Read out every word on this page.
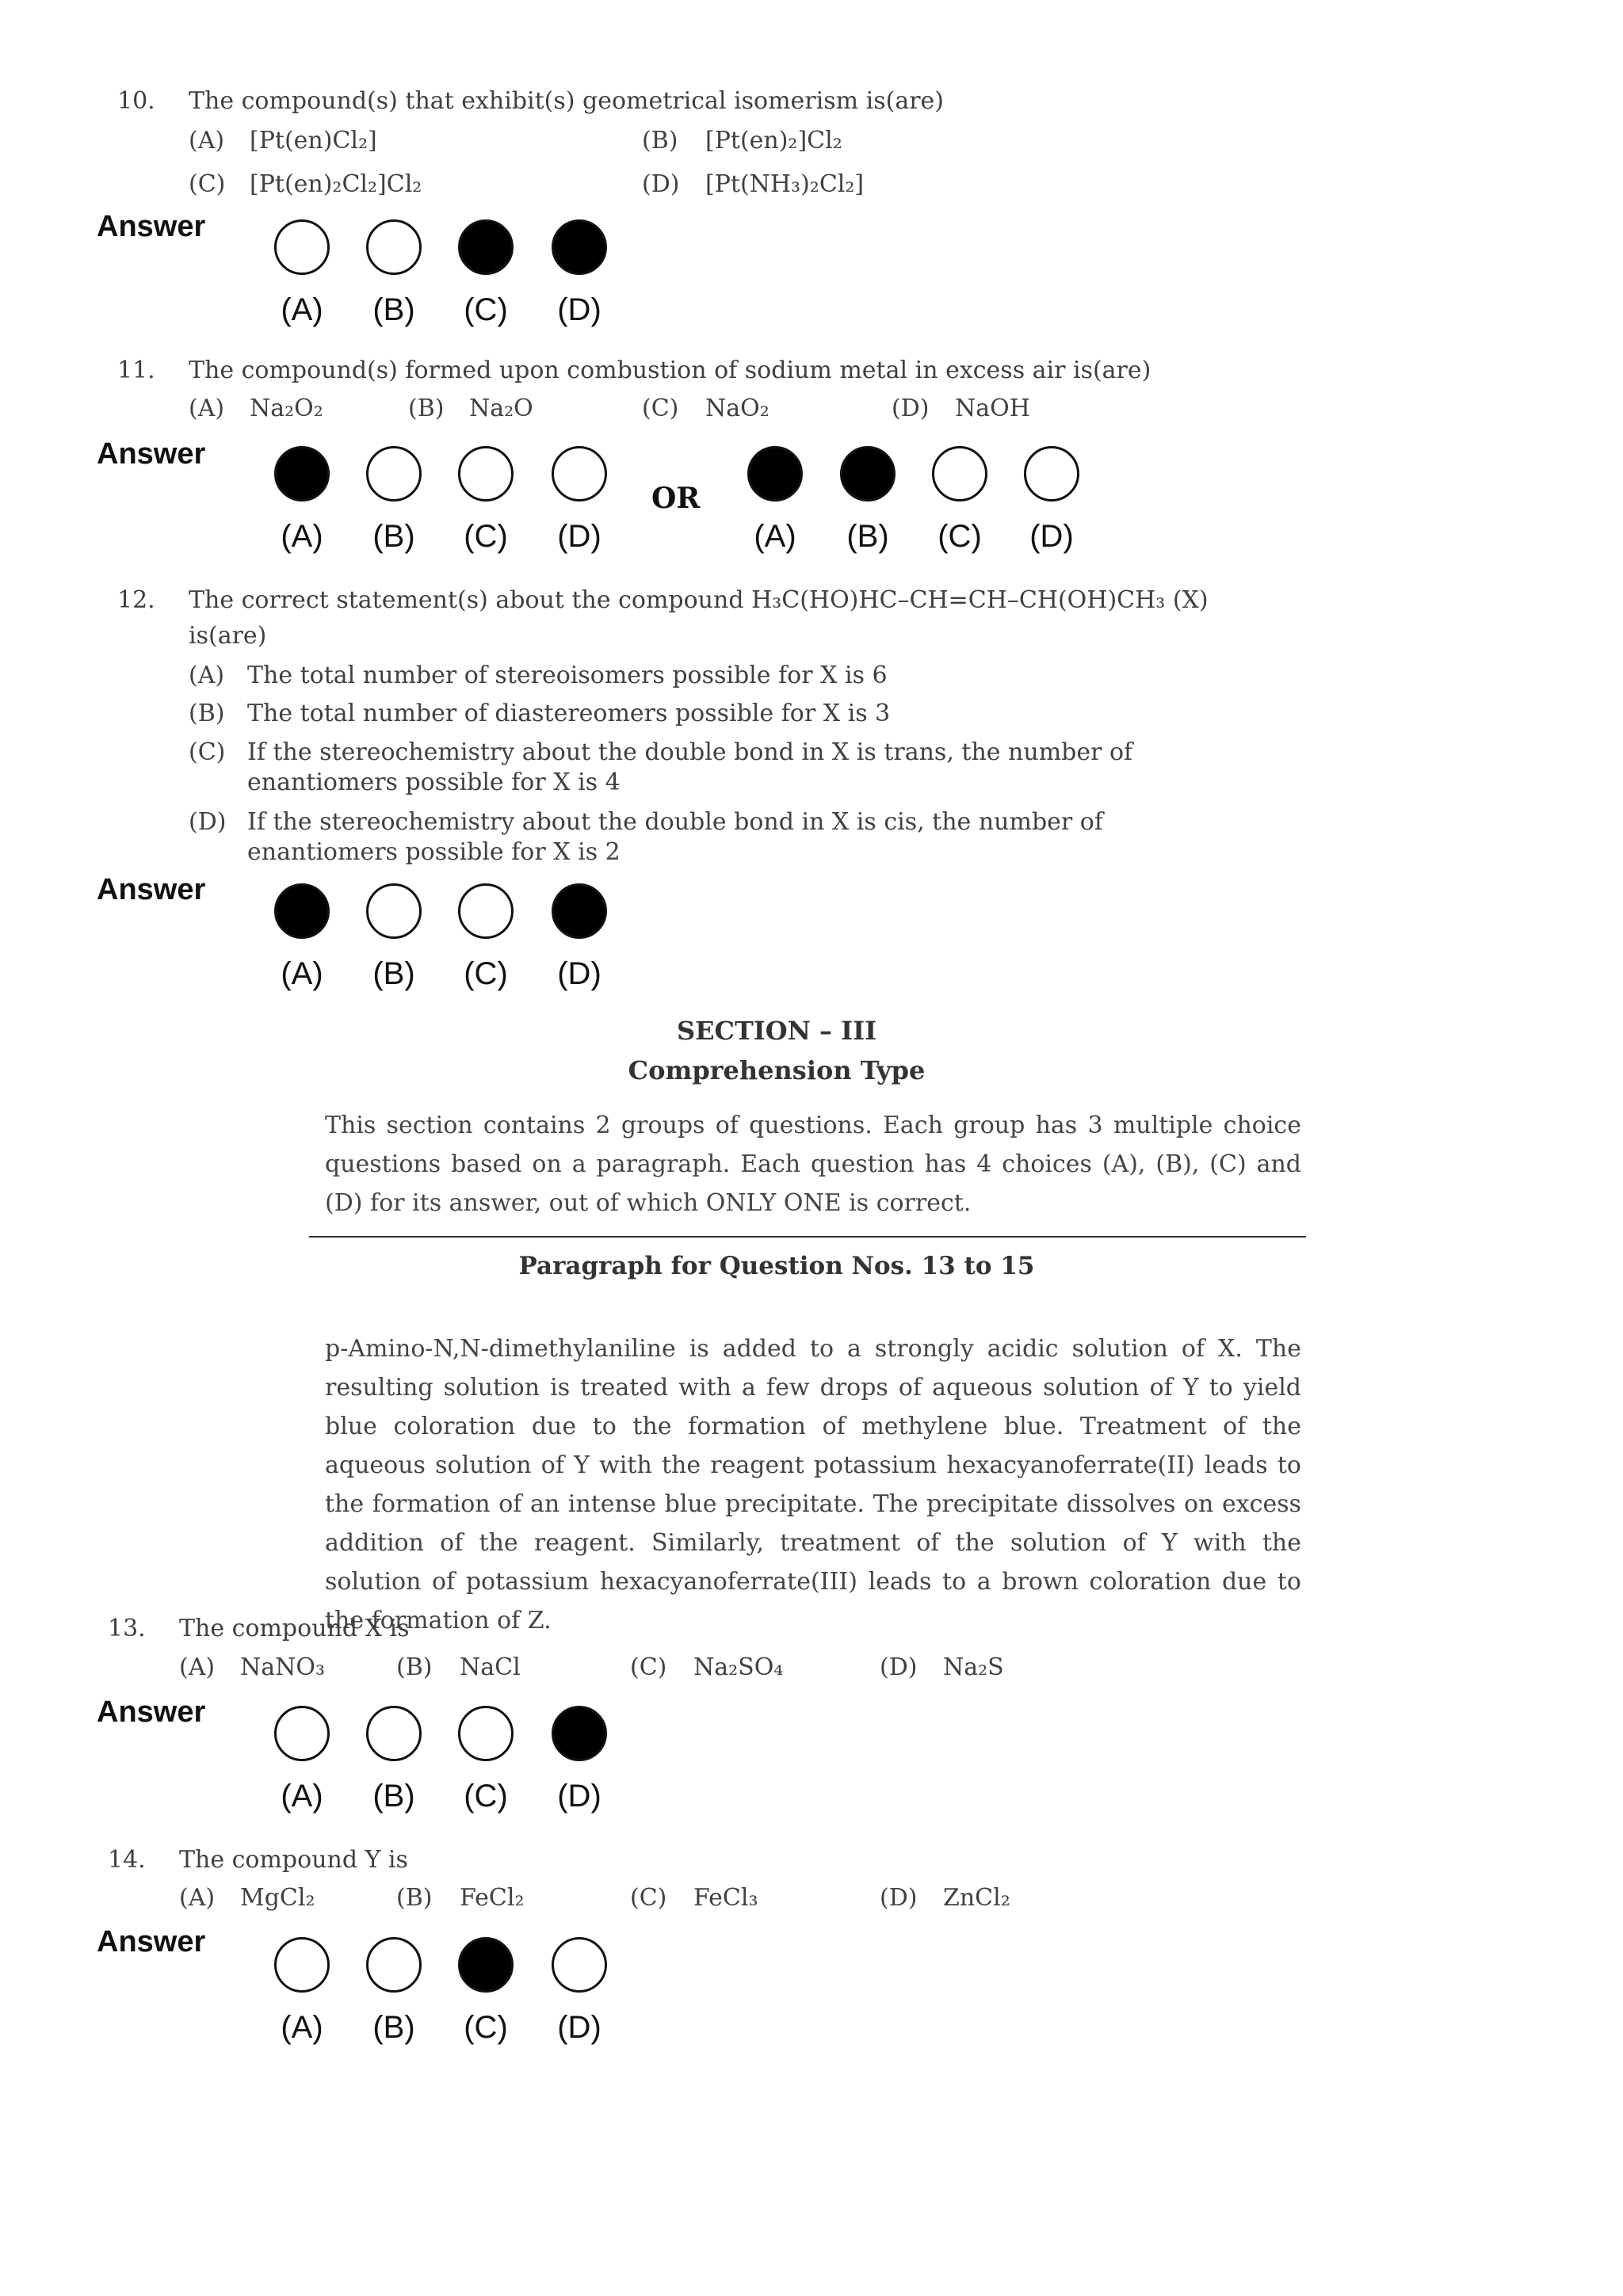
10. The compound(s) that exhibit(s) geometrical isomerism is(are)
(A) [Pt(en)Cl₂]	(B) [Pt(en)₂]Cl₂
(C) [Pt(en)₂Cl₂]Cl₂	(D) [Pt(NH₃)₂Cl₂]
Answer
11. The compound(s) formed upon combustion of sodium metal in excess air is(are)
(A) Na₂O₂	(B) Na₂O	(C) NaO₂	(D) NaOH
Answer
OR
12. The correct statement(s) about the compound H₃C(HO)HC–CH=CH–CH(OH)CH₃ (X)
is(are)
(A) The total number of stereoisomers possible for X is 6
(B) The total number of diastereomers possible for X is 3
(C) If the stereochemistry about the double bond in X is trans, the number of
enantiomers possible for X is 4
(D) If the stereochemistry about the double bond in X is cis, the number of
enantiomers possible for X is 2
Answer
SECTION – III
Comprehension Type
This section contains 2 groups of questions. Each group has 3 multiple choice questions based on a paragraph. Each question has 4 choices (A), (B), (C) and (D) for its answer, out of which ONLY ONE is correct.
Paragraph for Question Nos. 13 to 15
p-Amino-N,N-dimethylaniline is added to a strongly acidic solution of X. The resulting solution is treated with a few drops of aqueous solution of Y to yield blue coloration due to the formation of methylene blue. Treatment of the aqueous solution of Y with the reagent potassium hexacyanoferrate(II) leads to the formation of an intense blue precipitate. The precipitate dissolves on excess addition of the reagent. Similarly, treatment of the solution of Y with the solution of potassium hexacyanoferrate(III) leads to a brown coloration due to the formation of Z.
13. The compound X is
(A) NaNO₃	(B) NaCl	(C) Na₂SO₄	(D) Na₂S
Answer
14. The compound Y is
(A) MgCl₂	(B) FeCl₂	(C) FeCl₃	(D) ZnCl₂
Answer
(A)	(B)	(C)	(D)
(A)	(B)	(C)	(D)	(A)	(B)	(C)	(D)
(A)	(B)	(C)	(D)
(A)	(B)	(C)	(D)
(A)	(B)	(C)	(D)
